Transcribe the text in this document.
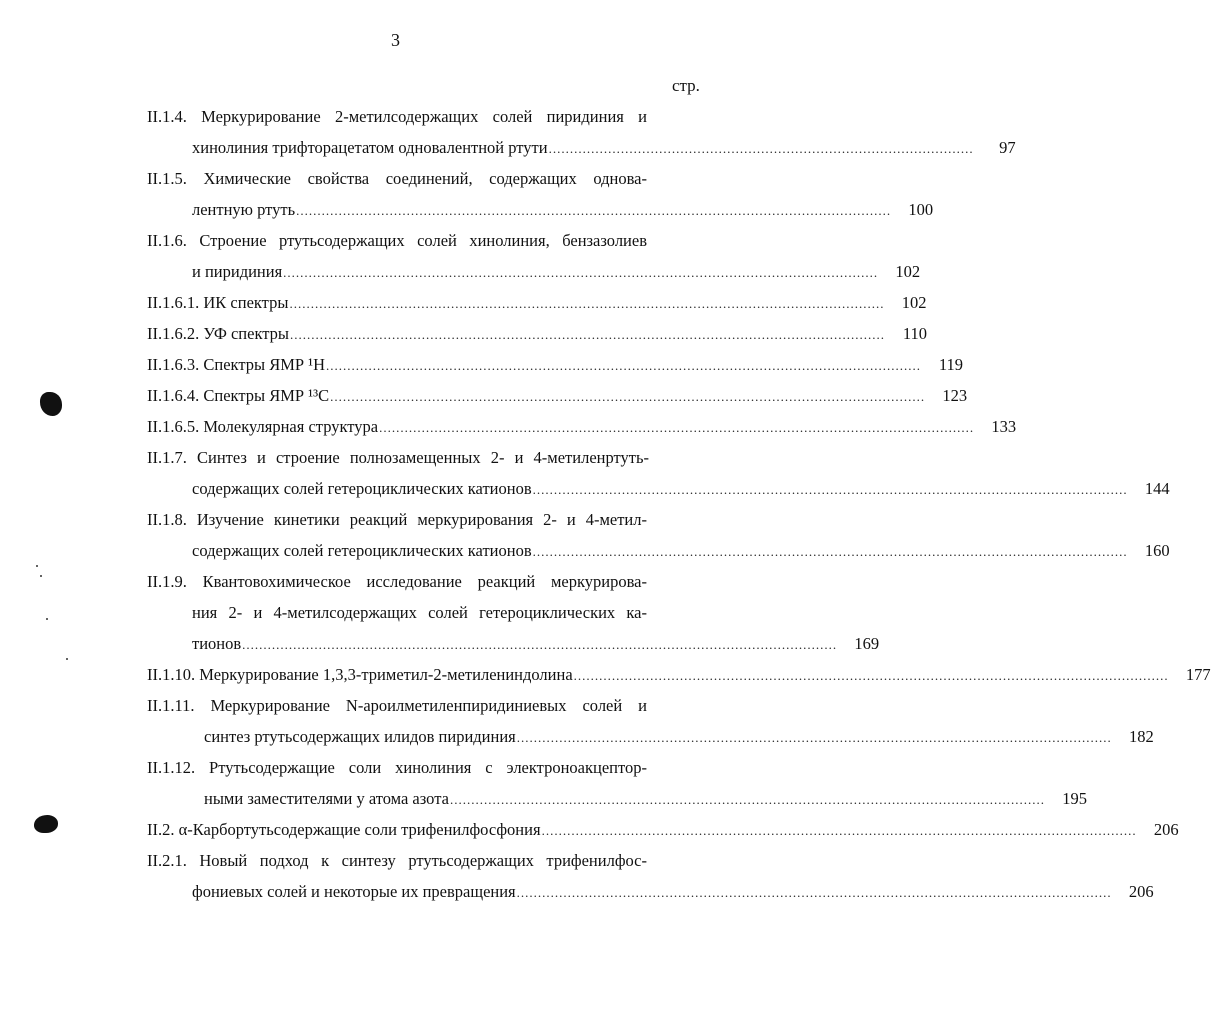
3
стр.
II.1.4. Меркурирование 2-метилсодержащих солей пиридиния и
хинолиния трифторацетатом одновалентной ртути ....................................................................................................	97
II.1.5. Химические свойства соединений, содержащих однова-
лентную ртуть ............................................................................................................................................	100
II.1.6. Строение ртутьсодержащих солей хинолиния, бензазолиев
и пиридиния ............................................................................................................................................	102
II.1.6.1. ИК спектры ............................................................................................................................................	102
II.1.6.2. УФ спектры ............................................................................................................................................	110
II.1.6.3. Спектры ЯМР ¹H ............................................................................................................................................	119
II.1.6.4. Спектры ЯМР ¹³C ............................................................................................................................................	123
II.1.6.5. Молекулярная структура ............................................................................................................................................	133
II.1.7. Синтез и строение полнозамещенных 2- и 4-метиленртуть-
содержащих солей гетероциклических катионов ............................................................................................................................................	144
II.1.8. Изучение кинетики реакций меркурирования 2- и 4-метил-
содержащих солей гетероциклических катионов ............................................................................................................................................	160
II.1.9. Квантовохимическое исследование реакций меркурирова-
ния 2- и 4-метилсодержащих солей гетероциклических ка-
тионов ............................................................................................................................................	169
II.1.10. Меркурирование 1,3,3-триметил-2-метилениндолина ............................................................................................................................................	177
II.1.11. Меркурирование N-ароилметиленпиридиниевых солей и
синтез ртутьсодержащих илидов пиридиния ............................................................................................................................................	182
II.1.12. Ртутьсодержащие соли хинолиния с электроноакцептор-
ными заместителями у атома азота ............................................................................................................................................	195
II.2. α-Карбортутьсодержащие соли трифенилфосфония ............................................................................................................................................	206
II.2.1. Новый подход к синтезу ртутьсодержащих трифенилфос-
фониевых солей и некоторые их превращения ............................................................................................................................................	206
